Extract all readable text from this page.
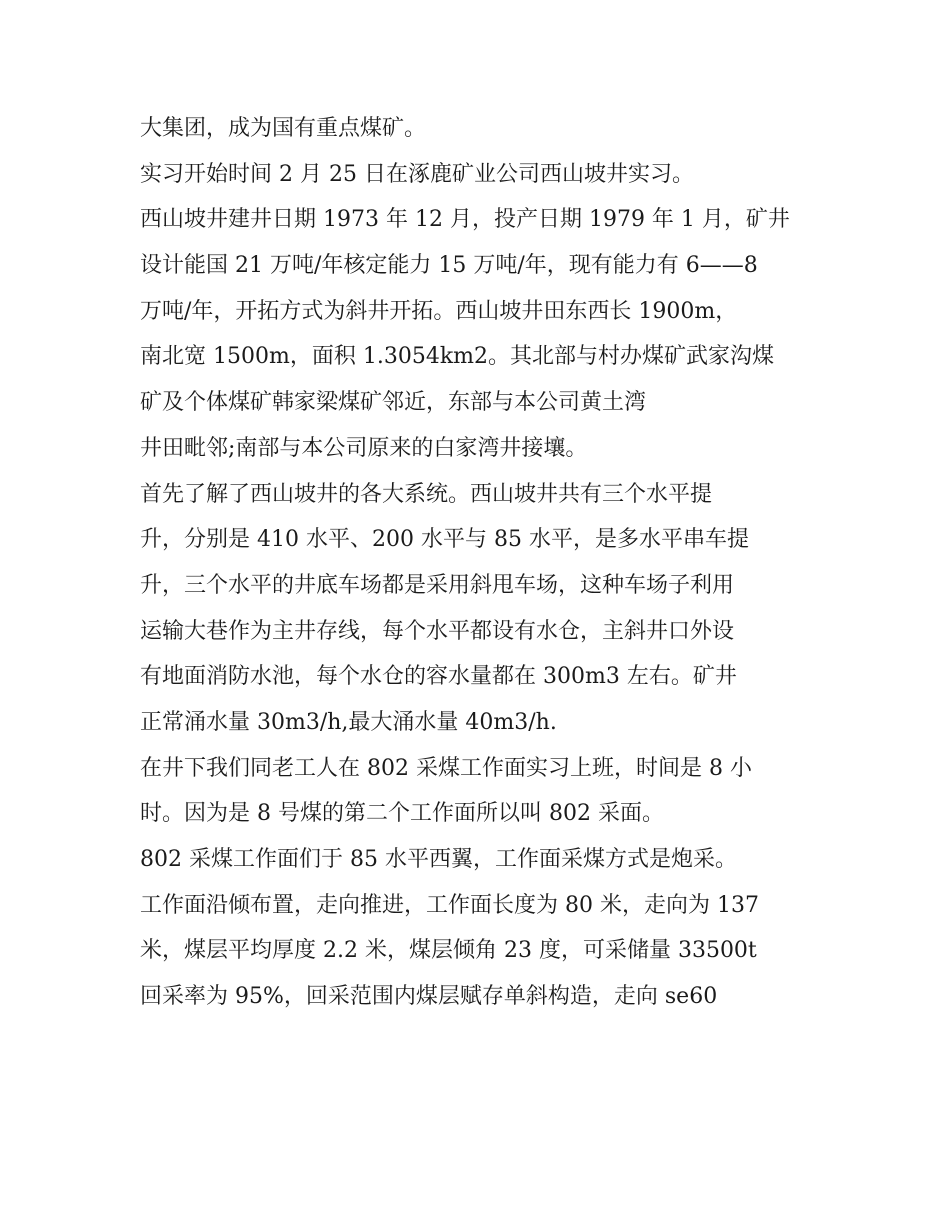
大集团，成为国有重点煤矿。
实习开始时间 2 月 25 日在涿鹿矿业公司西山坡井实习。
西山坡井建井日期 1973 年 12 月，投产日期 1979 年 1 月，矿井
设计能国 21 万吨/年核定能力 15 万吨/年，现有能力有 6——8
万吨/年，开拓方式为斜井开拓。西山坡井田东西长 1900m，
南北宽 1500m，面积 1.3054km2。其北部与村办煤矿武家沟煤
矿及个体煤矿韩家梁煤矿邻近，东部与本公司黄土湾
井田毗邻;南部与本公司原来的白家湾井接壤。
首先了解了西山坡井的各大系统。西山坡井共有三个水平提
升，分别是 410 水平、200 水平与 85 水平，是多水平串车提
升，三个水平的井底车场都是采用斜甩车场，这种车场子利用
运输大巷作为主井存线，每个水平都设有水仓，主斜井口外设
有地面消防水池，每个水仓的容水量都在 300m3 左右。矿井
正常涌水量 30m3/h,最大涌水量 40m3/h.
在井下我们同老工人在 802 采煤工作面实习上班，时间是 8 小
时。因为是 8 号煤的第二个工作面所以叫 802 采面。
802 采煤工作面们于 85 水平西翼，工作面采煤方式是炮采。
工作面沿倾布置，走向推进，工作面长度为 80 米，走向为 137
米，煤层平均厚度 2.2 米，煤层倾角 23 度，可采储量 33500t
回采率为 95%，回采范围内煤层赋存单斜构造，走向 se60
